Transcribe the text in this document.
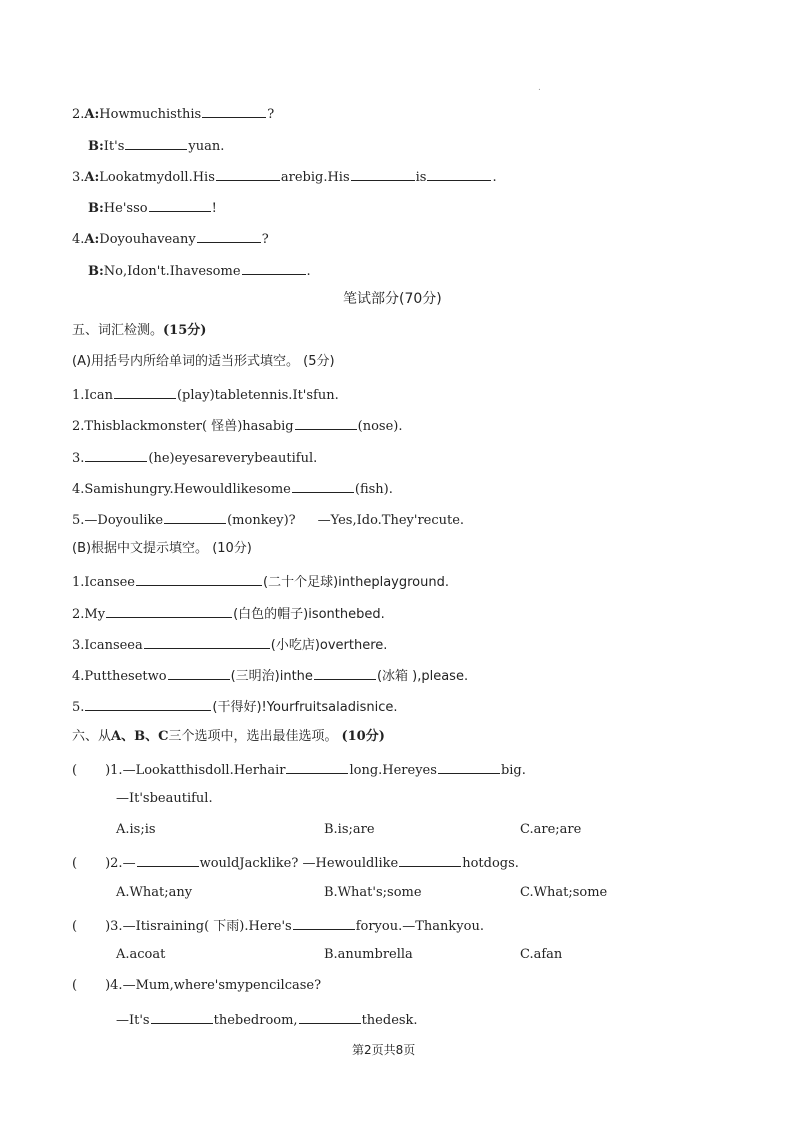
.
2.A:Howmuchisthis	?
B:It's	yuan.
3.A:Lookatmydoll.His	arebig.His	is	.
B:He'sso	!
4.A:Doyouhaveany	?
B:No,Idon't.Ihavesome	.
笔试部分(70分)
五、词汇检测。(15分)
(A)用括号内所给单词的适当形式填空。 (5分)
1.Ican	(play)tabletennis.It'sfun.
2.Thisblackmonster( 怪兽)hasabig	(nose).
3.	(he)eyesareverybeautiful.
4.Samishungry.Hewouldlikesome	(fish).
5.—Doyoulike	(monkey)? —Yes,Ido.They'recute.
(B)根据中文提示填空。 (10分)
1.Icansee	(二十个足球)intheplayground.
2.My	(白色的帽子)isonthebed.
3.Icanseea	(小吃店)overthere.
4.Putthesetwo	(三明治)inthe	(冰箱 ),please.
5.	(干得好)!Yourfruitsaladisnice.
六、从A、B、C三个选项中，选出最佳选项。 (10分)
( )1.—Lookatthisdoll.Herhair	long.Hereyes	big.
—It'sbeautiful.
A.is;is	B.is;are	C.are;are
( )2.—	wouldJacklike? —Hewouldlike	hotdogs.
A.What;any	B.What's;some	C.What;some
( )3.—Itisraining( 下雨).Here's	foryou.—Thankyou.
A.acoat	B.anumbrella	C.afan
( )4.—Mum,where'smypencilcase?
—It's	thebedroom,	thedesk.
第2页共8页
